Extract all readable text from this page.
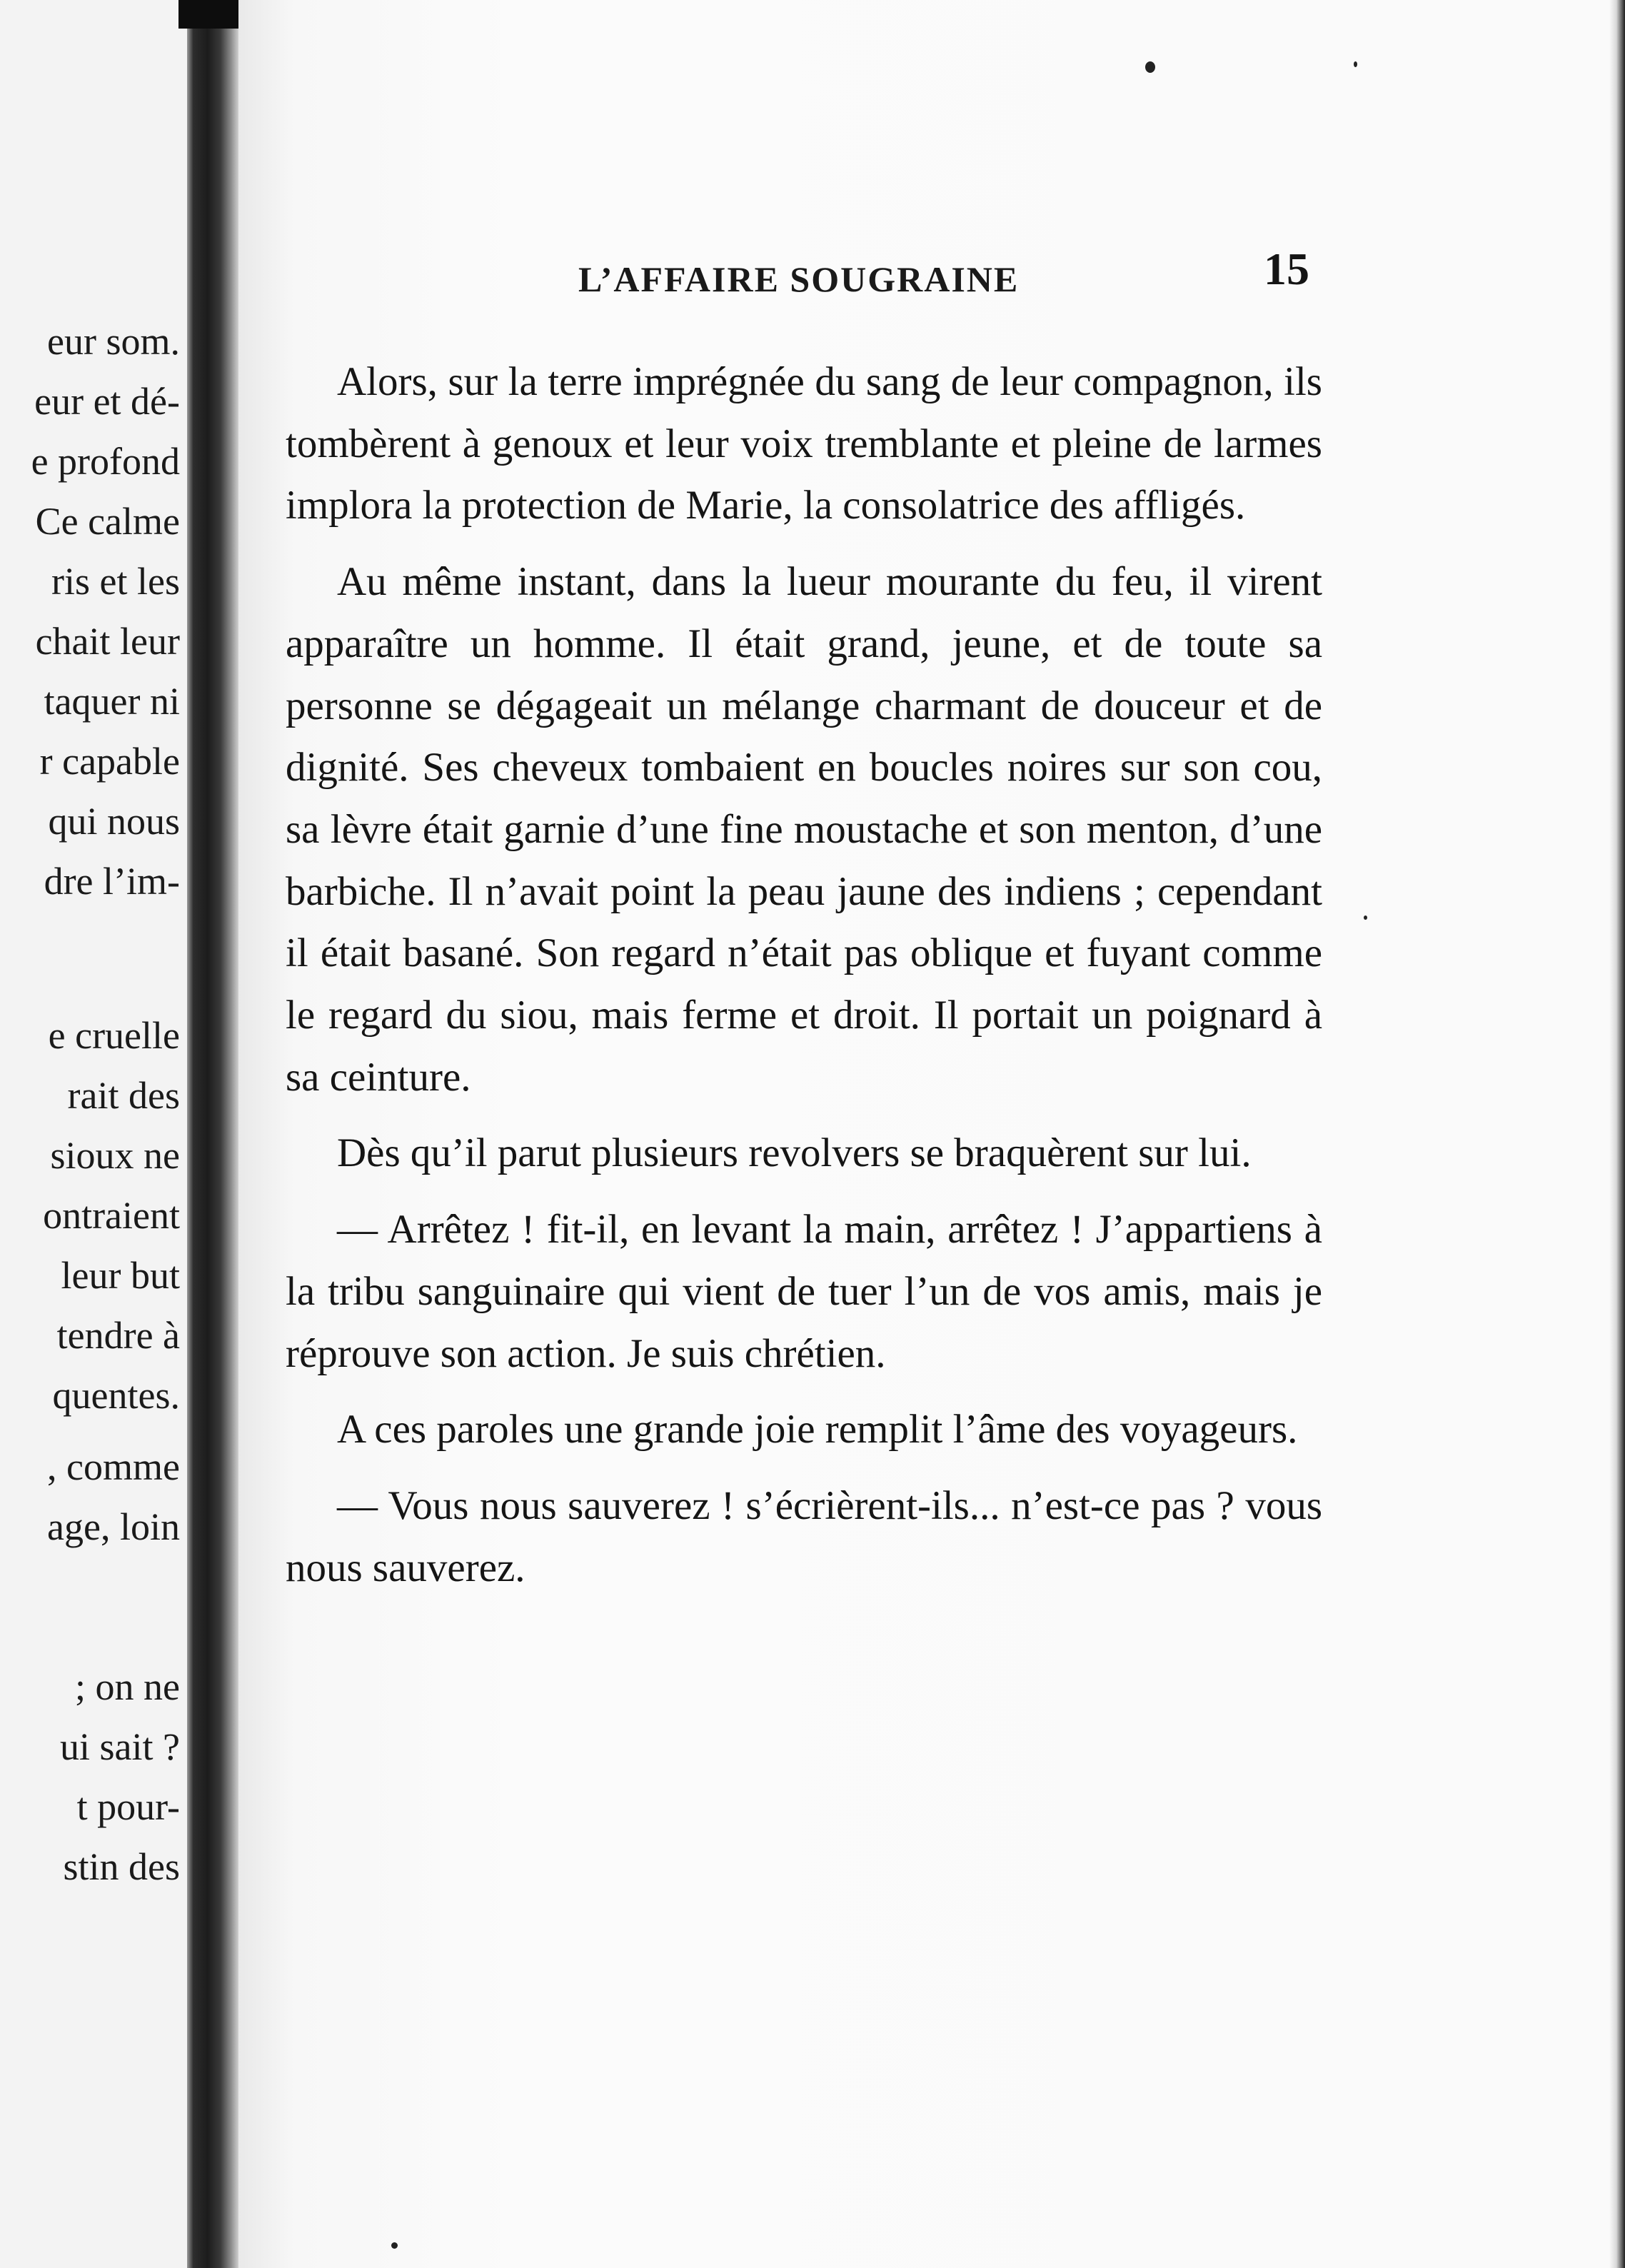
eur som.
eur et dé-
e profond
Ce calme
ris et les
chait leur
taquer ni
r capable
qui nous
dre l’im-
e cruelle
rait des
sioux ne
ontraient
leur but
tendre à
quentes.
, comme
age, loin
; on ne
ui sait ?
t pour-
stin des
L’AFFAIRE SOUGRAINE	15

Alors, sur la terre imprégnée du sang de leur compagnon, ils tombèrent à genoux et leur voix tremblante et pleine de larmes implora la protection de Marie, la consolatrice des affligés.

Au même instant, dans la lueur mourante du feu, il virent apparaître un homme. Il était grand, jeune, et de toute sa personne se dégageait un mélange charmant de douceur et de dignité. Ses cheveux tombaient en boucles noires sur son cou, sa lèvre était garnie d’une fine moustache et son menton, d’une barbiche. Il n’avait point la peau jaune des indiens ; cependant il était basané. Son regard n’était pas oblique et fuyant comme le regard du siou, mais ferme et droit. Il portait un poignard à sa ceinture.

Dès qu’il parut plusieurs revolvers se braquèrent sur lui.

— Arrêtez ! fit-il, en levant la main, arrêtez ! J’appartiens à la tribu sanguinaire qui vient de tuer l’un de vos amis, mais je réprouve son action. Je suis chrétien.

A ces paroles une grande joie remplit l’âme des voyageurs.

— Vous nous sauverez ! s’écrièrent-ils... n’est-ce pas ? vous nous sauverez.
